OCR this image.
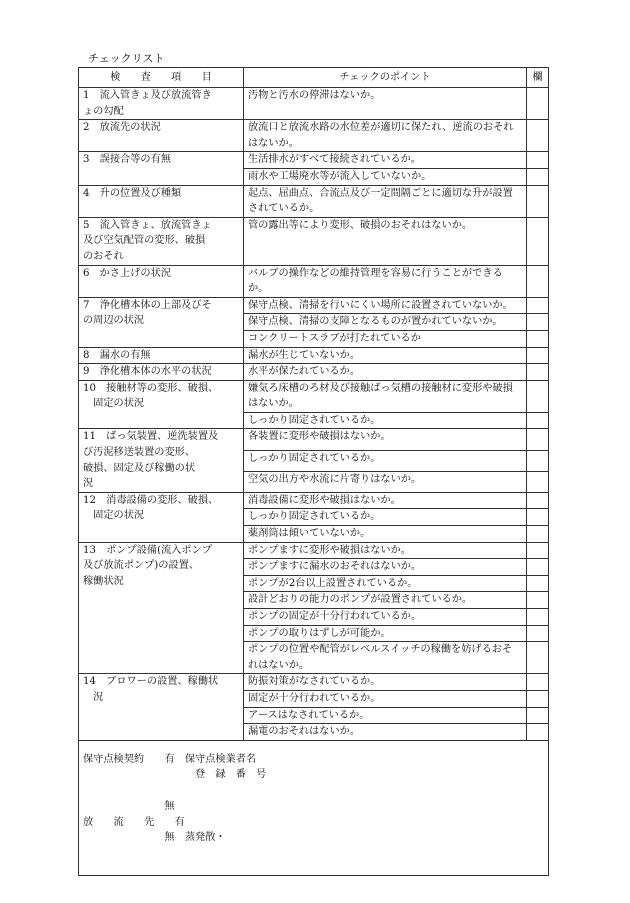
チェックリスト
検　　査　　項　　目	チェックのポイント	欄
1　流入管きょ及び放流管き
ょの勾配	汚物と汚水の停滞はないか。	
2　放流先の状況	放流口と放流水路の水位差が適切に保たれ、逆流のおそれはないか。	
3　誤接合等の有無	生活排水がすべて接続されているか。	
	雨水や工場廃水等が流入していないか。	
4　升の位置及び種類	起点、屈曲点、合流点及び一定間隔ごとに適切な升が設置されているか。	
5　流入管きょ、放流管きょ
及び空気配管の変形、破損
のおそれ	管の露出等により変形、破損のおそれはないか。	
6　かさ上げの状況	バルブの操作などの維持管理を容易に行うことができるか。	
7　浄化槽本体の上部及びそ
の周辺の状況	保守点検、清掃を行いにくい場所に設置されていないか。	
	保守点検、清掃の支障となるものが置かれていないか。	
	コンクリートスラブが打たれているか	
8　漏水の有無	漏水が生じていないか。	
9　浄化槽本体の水平の状況	水平が保たれているか。	
10　接触材等の変形、破損、
　固定の状況	嫌気ろ床槽のろ材及び接触ばっ気槽の接触材に変形や破損はないか。	
	しっかり固定されているか。	
11　ばっ気装置、逆洗装置及
び汚泥移送装置の変形、
破損、固定及び稼働の状
況	各装置に変形や破損はないか。	
	しっかり固定されているか。	
	空気の出方や水流に片寄りはないか。	
12　消毒設備の変形、破損、
　固定の状況	消毒設備に変形や破損はないか。	
	しっかり固定されているか。	
	薬剤筒は傾いていないか。	
13　ポンプ設備(流入ポンプ
及び放流ポンプ)の設置、
稼働状況	ポンプますに変形や破損はないか。	
	ポンプますに漏水のおそれはないか。	
	ポンプが2台以上設置されているか。	
	設計どおりの能力のポンプが設置されているか。	
	ポンプの固定が十分行われているか。	
	ポンプの取りはずしが可能か。	
	ポンプの位置や配管がレベルスイッチの稼働を妨げるおそれはないか。	
14　ブロワーの設置、稼働状
　況	防振対策がなされているか。	
	固定が十分行われているか。	
	アースはなされているか。	
	漏電のおそれはないか。	

保守点検契約　　有　保守点検業者名
　　　　　　　　　　　登　録　番　号

　　　　　　　　無
放　　流　　先　　有
　　　　　　　　無　蒸発散・		
